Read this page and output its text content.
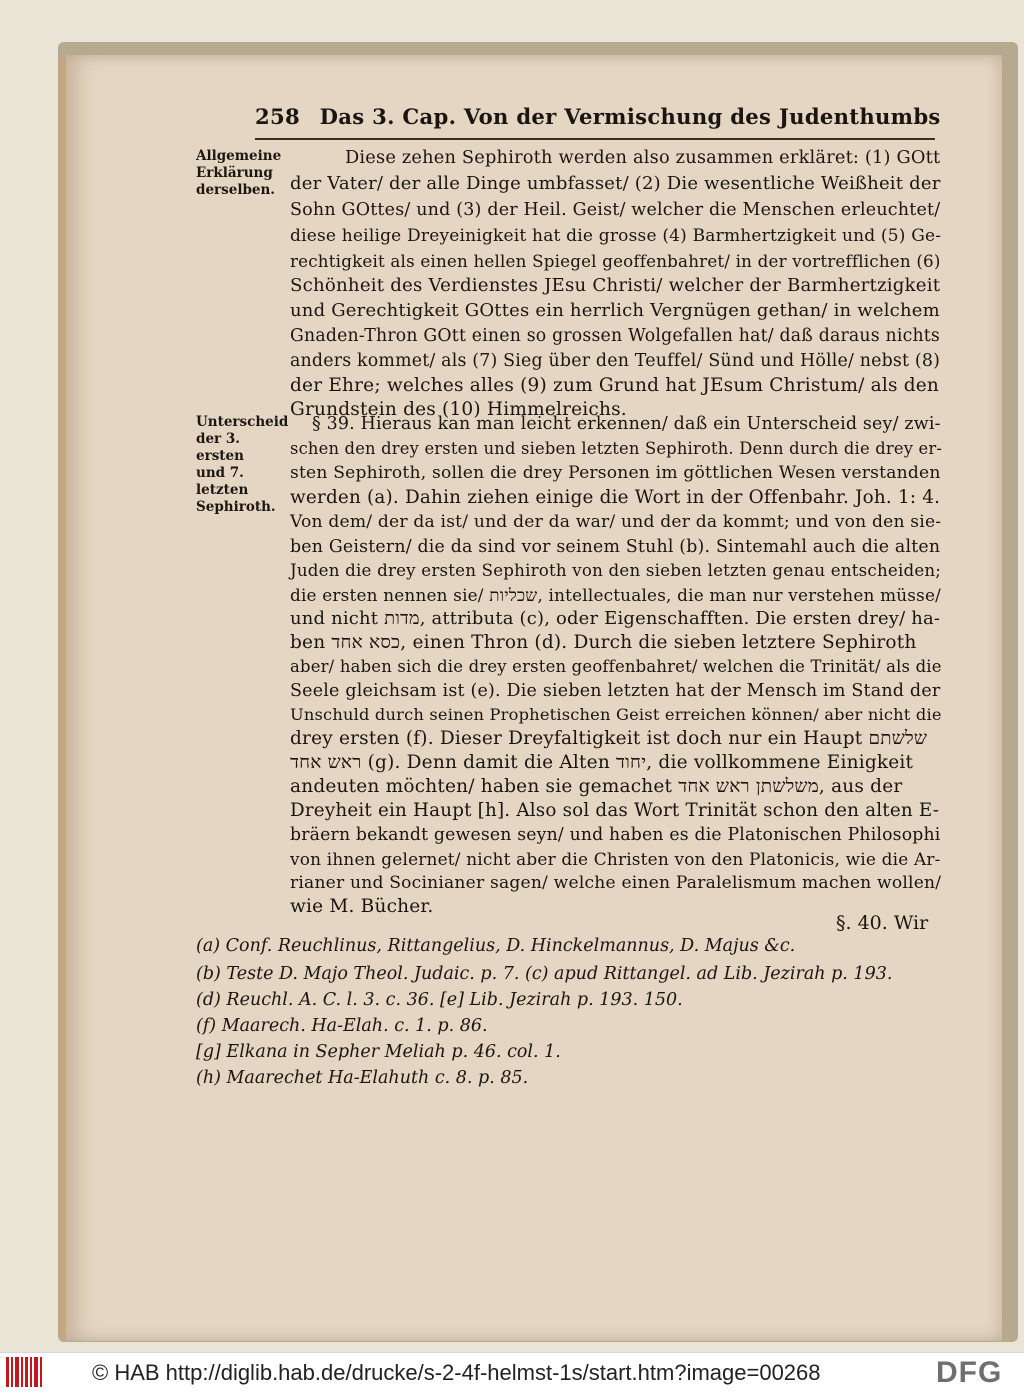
258 Das 3. Cap. Von der Vermischung des Judenthumbs
Allgemeine
Erklärung
derselben.
Unterscheid
der 3. ersten
und 7. letzten
Sephiroth.
Diese zehen Sephiroth werden also zusammen erkläret: (1) GOtt
der Vater/ der alle Dinge umbfasset/ (2) Die wesentliche Weißheit der
Sohn GOttes/ und (3) der Heil. Geist/ welcher die Menschen erleuchtet/
diese heilige Dreyeinigkeit hat die grosse (4) Barmhertzigkeit und (5) Ge-
rechtigkeit als einen hellen Spiegel geoffenbahret/ in der vortrefflichen (6)
Schönheit des Verdienstes JEsu Christi/ welcher der Barmhertzigkeit
und Gerechtigkeit GOttes ein herrlich Vergnügen gethan/ in welchem
Gnaden-Thron GOtt einen so grossen Wolgefallen hat/ daß daraus nichts
anders kommet/ als (7) Sieg über den Teuffel/ Sünd und Hölle/ nebst (8)
der Ehre; welches alles (9) zum Grund hat JEsum Christum/ als den
Grundstein des (10) Himmelreichs.
§ 39. Hieraus kan man leicht erkennen/ daß ein Unterscheid sey/ zwi-
schen den drey ersten und sieben letzten Sephiroth. Denn durch die drey er-
sten Sephiroth, sollen die drey Personen im göttlichen Wesen verstanden
werden (a). Dahin ziehen einige die Wort in der Offenbahr. Joh. 1: 4.
Von dem/ der da ist/ und der da war/ und der da kommt; und von den sie-
ben Geistern/ die da sind vor seinem Stuhl (b). Sintemahl auch die alten
Juden die drey ersten Sephiroth von den sieben letzten genau entscheiden;
die ersten nennen sie/ שכליות, intellectuales, die man nur verstehen müsse/
und nicht מדות, attributa (c), oder Eigenschafften. Die ersten drey/ ha-
ben כסא אחד, einen Thron (d). Durch die sieben letztere Sephiroth
aber/ haben sich die drey ersten geoffenbahret/ welchen die Trinität/ als die
Seele gleichsam ist (e). Die sieben letzten hat der Mensch im Stand der
Unschuld durch seinen Prophetischen Geist erreichen können/ aber nicht die
drey ersten (f). Dieser Dreyfaltigkeit ist doch nur ein Haupt שלשתם
ראש אחד (g). Denn damit die Alten יחוד, die vollkommene Einigkeit
andeuten möchten/ haben sie gemachet משלשתן ראש אחד, aus der
Dreyheit ein Haupt [h]. Also sol das Wort Trinität schon den alten E-
bräern bekandt gewesen seyn/ und haben es die Platonischen Philosophi
von ihnen gelernet/ nicht aber die Christen von den Platonicis, wie die Ar-
rianer und Socinianer sagen/ welche einen Paralelismum machen wollen/
wie M. Bücher.
§. 40. Wir
(a) Conf. Reuchlinus, Rittangelius, D. Hinckelmannus, D. Majus &c.
(b) Teste D. Majo Theol. Judaic. p. 7. (c) apud Rittangel. ad Lib. Jezirah p. 193.
(d) Reuchl. A. C. l. 3. c. 36. [e] Lib. Jezirah p. 193. 150.
(f) Maarech. Ha-Elah. c. 1. p. 86.
[g] Elkana in Sepher Meliah p. 46. col. 1.
(h) Maarechet Ha-Elahuth c. 8. p. 85.
© HAB http://diglib.hab.de/drucke/s-2-4f-helmst-1s/start.htm?image=00268	DFG
